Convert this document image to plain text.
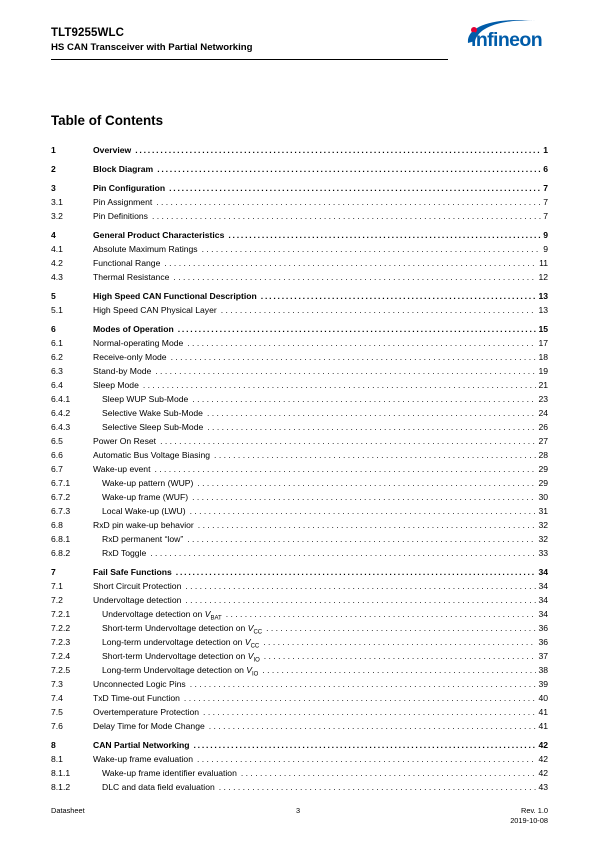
TLT9255WLC
HS CAN Transceiver with Partial Networking	infineon
Table of Contents
1	Overview .....	1
2	Block Diagram .....	6
3	Pin Configuration .....	7
3.1	Pin Assignment . . .	7
3.2	Pin Definitions . . .	7
4	General Product Characteristics .....	9
4.1	Absolute Maximum Ratings . . .	9
4.2	Functional Range . . .	11
4.3	Thermal Resistance . . .	12
5	High Speed CAN Functional Description .....	13
5.1	High Speed CAN Physical Layer . . .	13
6	Modes of Operation .....	15
6.1	Normal-operating Mode . . .	17
6.2	Receive-only Mode . . .	18
6.3	Stand-by Mode . . .	19
6.4	Sleep Mode . . .	21
6.4.1	Sleep WUP Sub-Mode . . .	23
6.4.2	Selective Wake Sub-Mode . . .	24
6.4.3	Selective Sleep Sub-Mode . . .	26
6.5	Power On Reset . . .	27
6.6	Automatic Bus Voltage Biasing . . .	28
6.7	Wake-up event . . .	29
6.7.1	Wake-up pattern (WUP) . . .	29
6.7.2	Wake-up frame (WUF) . . .	30
6.7.3	Local Wake-up (LWU) . . .	31
6.8	RxD pin wake-up behavior . . .	32
6.8.1	RxD permanent “low” . . .	32
6.8.2	RxD Toggle . . .	33
7	Fail Safe Functions .....	34
7.1	Short Circuit Protection . . .	34
7.2	Undervoltage detection . . .	34
7.2.1	Undervoltage detection on $V_{BAT}$ . . .	34
7.2.2	Short-term Undervoltage detection on $V_{CC}$ . . .	36
7.2.3	Long-term undervoltage detection on $V_{CC}$ . . .	36
7.2.4	Short-term Undervoltage detection on $V_{IO}$ . . .	37
7.2.5	Long-term Undervoltage detection on $V_{IO}$ . . .	38
7.3	Unconnected Logic Pins . . .	39
7.4	TxD Time-out Function . . .	40
7.5	Overtemperature Protection . . .	41
7.6	Delay Time for Mode Change . . .	41
8	CAN Partial Networking .....	42
8.1	Wake-up frame evaluation . . .	42
8.1.1	Wake-up frame identifier evaluation . . .	42
8.1.2	DLC and data field evaluation . . .	43
Datasheet	3	Rev. 1.0
2019-10-08
